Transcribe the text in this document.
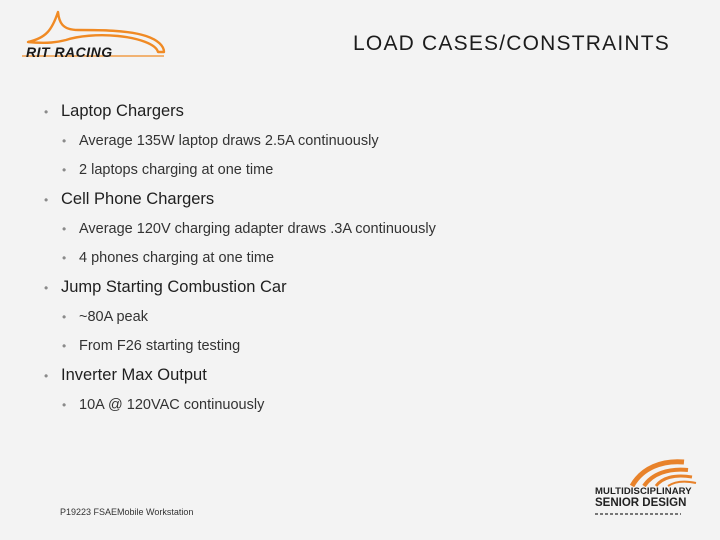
RIT RACING	LOAD CASES/CONSTRAINTS
• Laptop Chargers
• Average 135W laptop draws 2.5A continuously
• 2 laptops charging at one time
• Cell Phone Chargers
• Average 120V charging adapter draws .3A continuously
• 4 phones charging at one time
• Jump Starting Combustion Car
• ~80A peak
• From F26 starting testing
• Inverter Max Output
• 10A @ 120VAC continuously
P19223 FSAEMobile Workstation
MULTIDISCIPLINARY
SENIOR DESIGN
